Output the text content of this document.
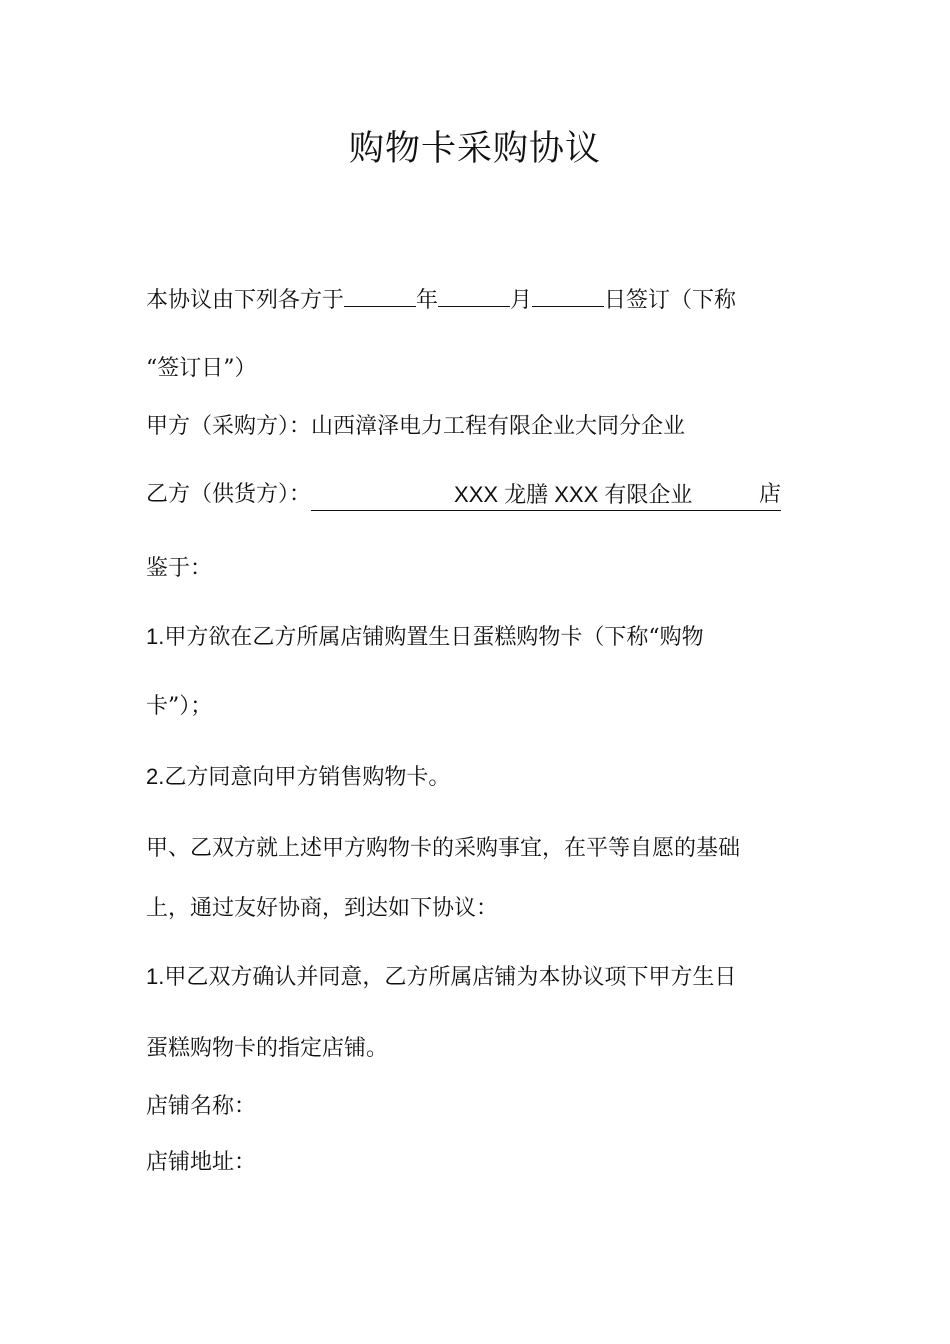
购物卡采购协议
本协议由下列各方于	年	月	日签订（下称
“签订日”）
甲方（采购方）：山西漳泽电力工程有限企业大同分企业
乙方（供货方）：	XXX 龙膳 XXX 有限企业	店
鉴于：
1.甲方欲在乙方所属店铺购置生日蛋糕购物卡（下称“购物
卡”）；
2.乙方同意向甲方销售购物卡。
甲、乙双方就上述甲方购物卡的采购事宜，在平等自愿的基础
上，通过友好协商，到达如下协议：
1.甲乙双方确认并同意，乙方所属店铺为本协议项下甲方生日
蛋糕购物卡的指定店铺。
店铺名称：
店铺地址：
